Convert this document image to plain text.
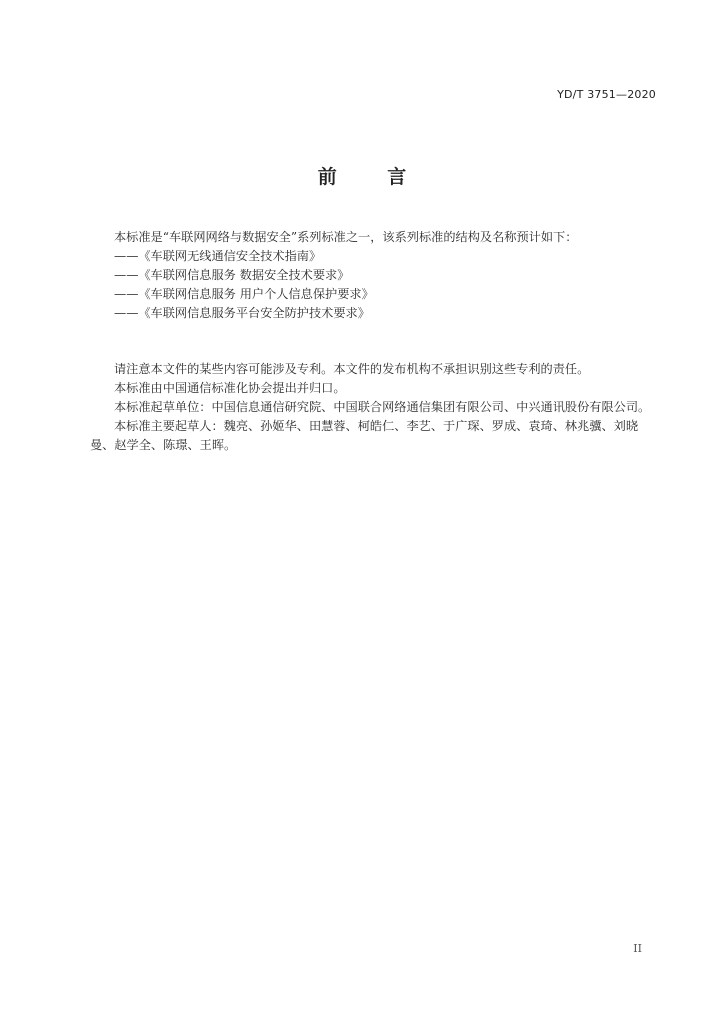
YD/T 3751—2020
前 言
本标准是“车联网网络与数据安全”系列标准之一，该系列标准的结构及名称预计如下：
——《车联网无线通信安全技术指南》
——《车联网信息服务 数据安全技术要求》
——《车联网信息服务 用户个人信息保护要求》
——《车联网信息服务平台安全防护技术要求》
请注意本文件的某些内容可能涉及专利。本文件的发布机构不承担识别这些专利的责任。
本标准由中国通信标准化协会提出并归口。
本标准起草单位：中国信息通信研究院、中国联合网络通信集团有限公司、中兴通讯股份有限公司。
本标准主要起草人：魏亮、孙姬华、田慧蓉、柯皓仁、李艺、于广琛、罗成、袁琦、林兆骥、刘晓曼、赵学全、陈璟、王晖。
II
